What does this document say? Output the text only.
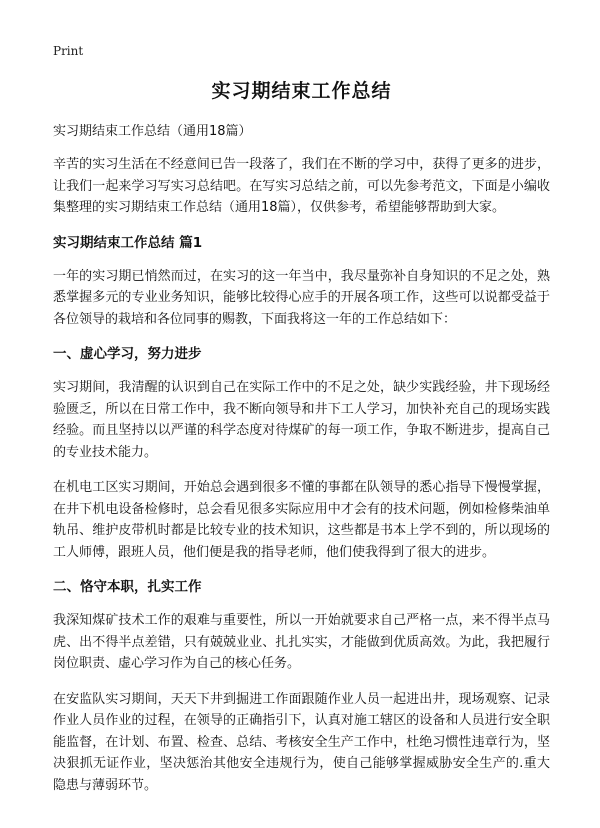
Print
实习期结束工作总结
实习期结束工作总结（通用18篇）

辛苦的实习生活在不经意间已告一段落了，我们在不断的学习中，获得了更多的进步，让我们一起来学习写实习总结吧。在写实习总结之前，可以先参考范文，下面是小编收集整理的实习期结束工作总结（通用18篇），仅供参考，希望能够帮助到大家。

实习期结束工作总结 篇1

一年的实习期已悄然而过，在实习的这一年当中，我尽量弥补自身知识的不足之处，熟悉掌握多元的专业业务知识，能够比较得心应手的开展各项工作，这些可以说都受益于各位领导的栽培和各位同事的赐教，下面我将这一年的工作总结如下：

一、虚心学习，努力进步

实习期间，我清醒的认识到自己在实际工作中的不足之处，缺少实践经验，井下现场经验匮乏，所以在日常工作中，我不断向领导和井下工人学习，加快补充自己的现场实践经验。而且坚持以以严谨的科学态度对待煤矿的每一项工作，争取不断进步，提高自己的专业技术能力。

在机电工区实习期间，开始总会遇到很多不懂的事都在队领导的悉心指导下慢慢掌握，在井下机电设备检修时，总会看见很多实际应用中才会有的技术问题，例如检修柴油单轨吊、维护皮带机时都是比较专业的技术知识，这些都是书本上学不到的，所以现场的工人师傅，跟班人员，他们便是我的指导老师，他们使我得到了很大的进步。

二、恪守本职，扎实工作

我深知煤矿技术工作的艰难与重要性，所以一开始就要求自己严格一点，来不得半点马虎、出不得半点差错，只有兢兢业业、扎扎实实，才能做到优质高效。为此，我把履行岗位职责、虚心学习作为自己的核心任务。

在安监队实习期间，天天下井到掘进工作面跟随作业人员一起进出井，现场观察、记录作业人员作业的过程，在领导的正确指引下，认真对施工辖区的设备和人员进行安全职能监督，在计划、布置、检查、总结、考核安全生产工作中，杜绝习惯性违章行为，坚决狠抓无证作业，坚决惩治其他安全违规行为，使自己能够掌握威胁安全生产的.重大隐患与薄弱环节。
